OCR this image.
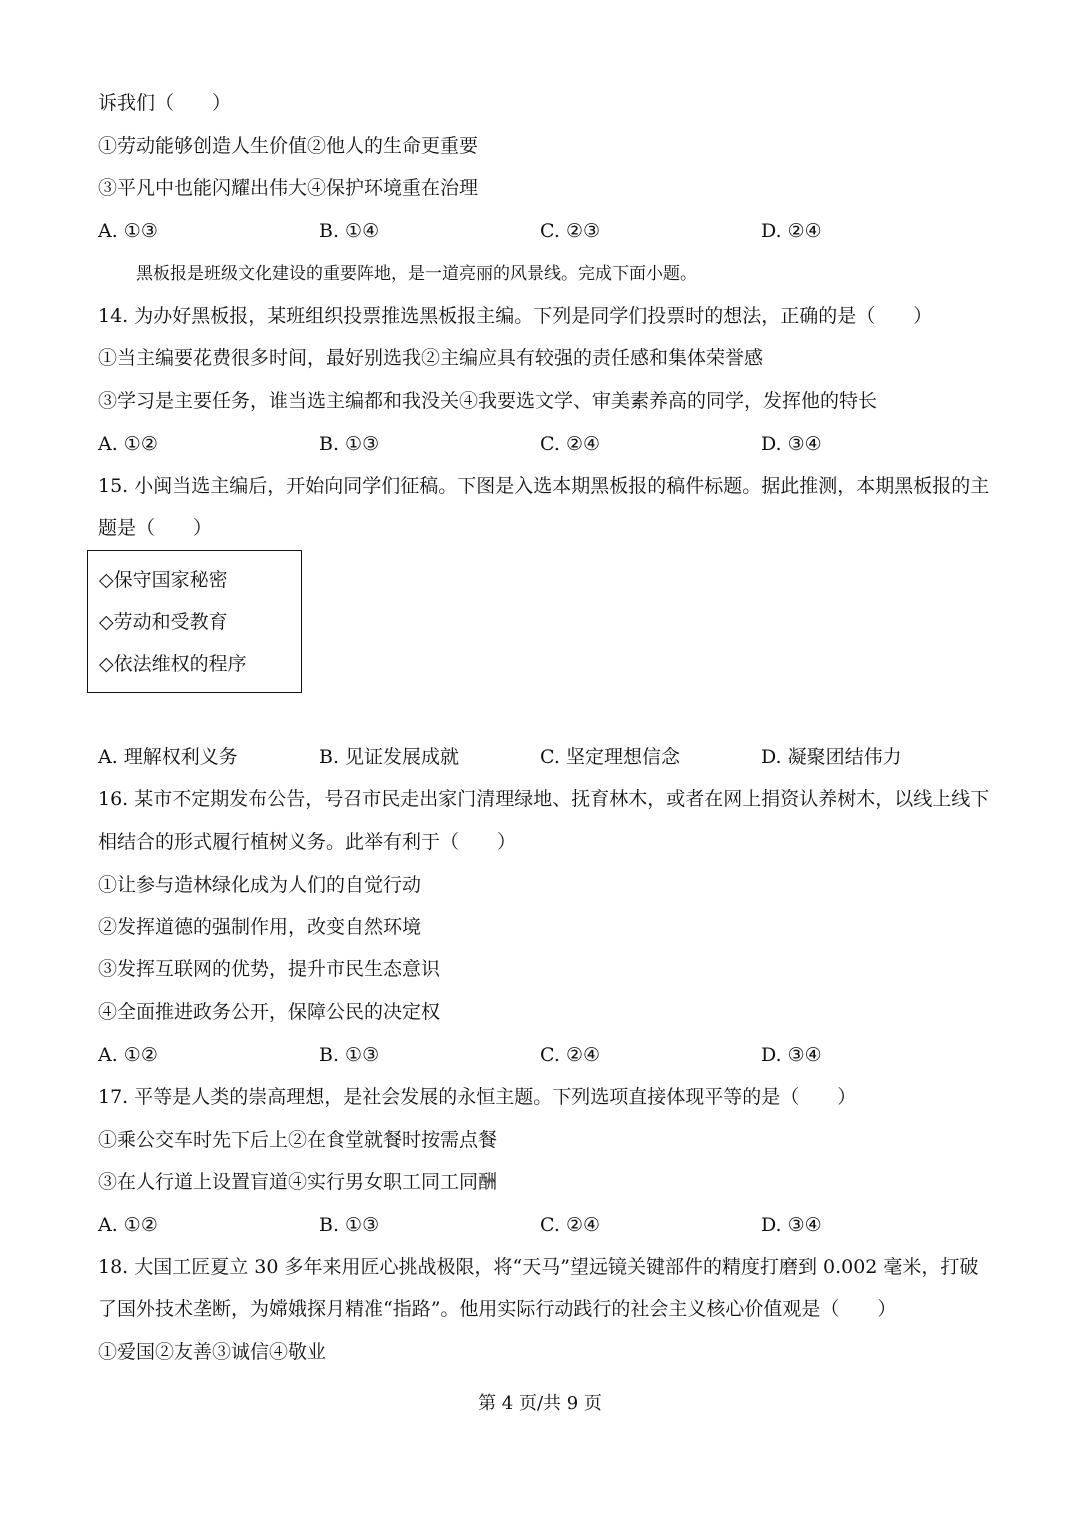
诉我们（　　）
①劳动能够创造人生价值②他人的生命更重要
③平凡中也能闪耀出伟大④保护环境重在治理
A. ①③	B. ①④	C. ②③	D. ②④
黑板报是班级文化建设的重要阵地，是一道亮丽的风景线。完成下面小题。
14. 为办好黑板报，某班组织投票推选黑板报主编。下列是同学们投票时的想法，正确的是（　　）
①当主编要花费很多时间，最好别选我②主编应具有较强的责任感和集体荣誉感
③学习是主要任务，谁当选主编都和我没关④我要选文学、审美素养高的同学，发挥他的特长
A. ①②	B. ①③	C. ②④	D. ③④
15. 小闽当选主编后，开始向同学们征稿。下图是入选本期黑板报的稿件标题。据此推测，本期黑板报的主
题是（　　）
◇保守国家秘密
◇劳动和受教育
◇依法维权的程序
A. 理解权利义务	B. 见证发展成就	C. 坚定理想信念	D. 凝聚团结伟力
16. 某市不定期发布公告，号召市民走出家门清理绿地、抚育林木，或者在网上捐资认养树木，以线上线下
相结合的形式履行植树义务。此举有利于（　　）
①让参与造林绿化成为人们的自觉行动
②发挥道德的强制作用，改变自然环境
③发挥互联网的优势，提升市民生态意识
④全面推进政务公开，保障公民的决定权
A. ①②	B. ①③	C. ②④	D. ③④
17. 平等是人类的崇高理想，是社会发展的永恒主题。下列选项直接体现平等的是（　　）
①乘公交车时先下后上②在食堂就餐时按需点餐
③在人行道上设置盲道④实行男女职工同工同酬
A. ①②	B. ①③	C. ②④	D. ③④
18. 大国工匠夏立 30 多年来用匠心挑战极限，将“天马”望远镜关键部件的精度打磨到 0.002 毫米，打破
了国外技术垄断，为嫦娥探月精准“指路”。他用实际行动践行的社会主义核心价值观是（　　）
①爱国②友善③诚信④敬业
第 4 页/共 9 页
